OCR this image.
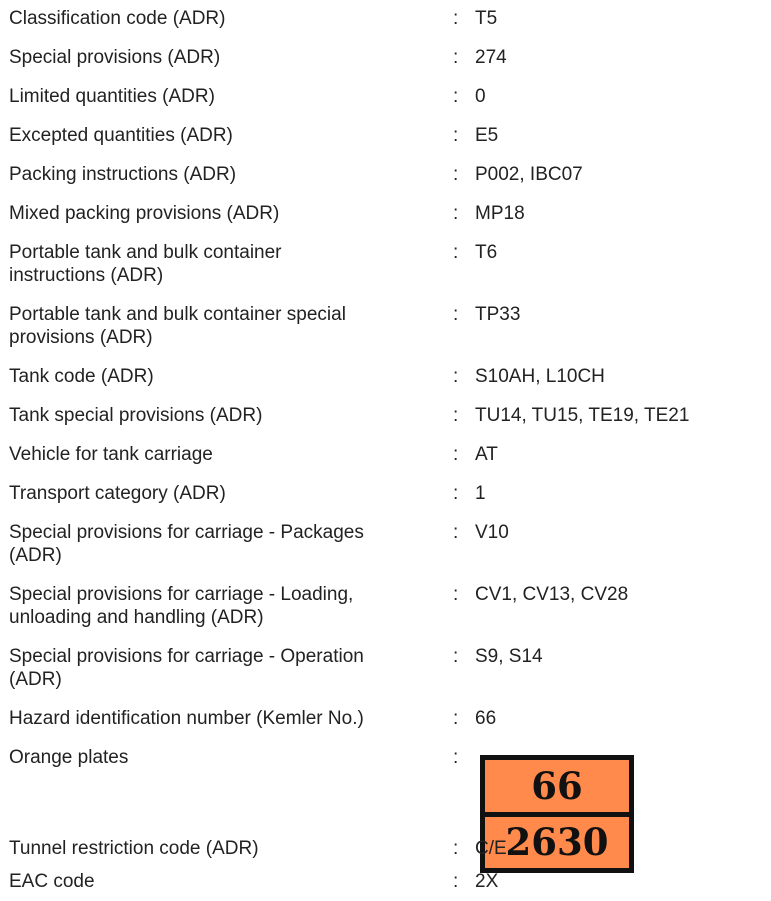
Classification code (ADR)	: T5
Special provisions (ADR)	: 274
Limited quantities (ADR)	: 0
Excepted quantities (ADR)	: E5
Packing instructions (ADR)	: P002, IBC07
Mixed packing provisions (ADR)	: MP18
Portable tank and bulk container
instructions (ADR)
: T6
Portable tank and bulk container special
provisions (ADR)
: TP33
Tank code (ADR)	: S10AH, L10CH
Tank special provisions (ADR)	: TU14, TU15, TE19, TE21
Vehicle for tank carriage	: AT
Transport category (ADR)	: 1
Special provisions for carriage - Packages
(ADR)
: V10
Special provisions for carriage - Loading,
unloading and handling (ADR)
: CV1, CV13, CV28
Special provisions for carriage - Operation
(ADR)
: S9, S14
Hazard identification number (Kemler No.)	: 66
Orange plates	:
66
2630
Tunnel restriction code (ADR)	: C/E
EAC code	: 2X
